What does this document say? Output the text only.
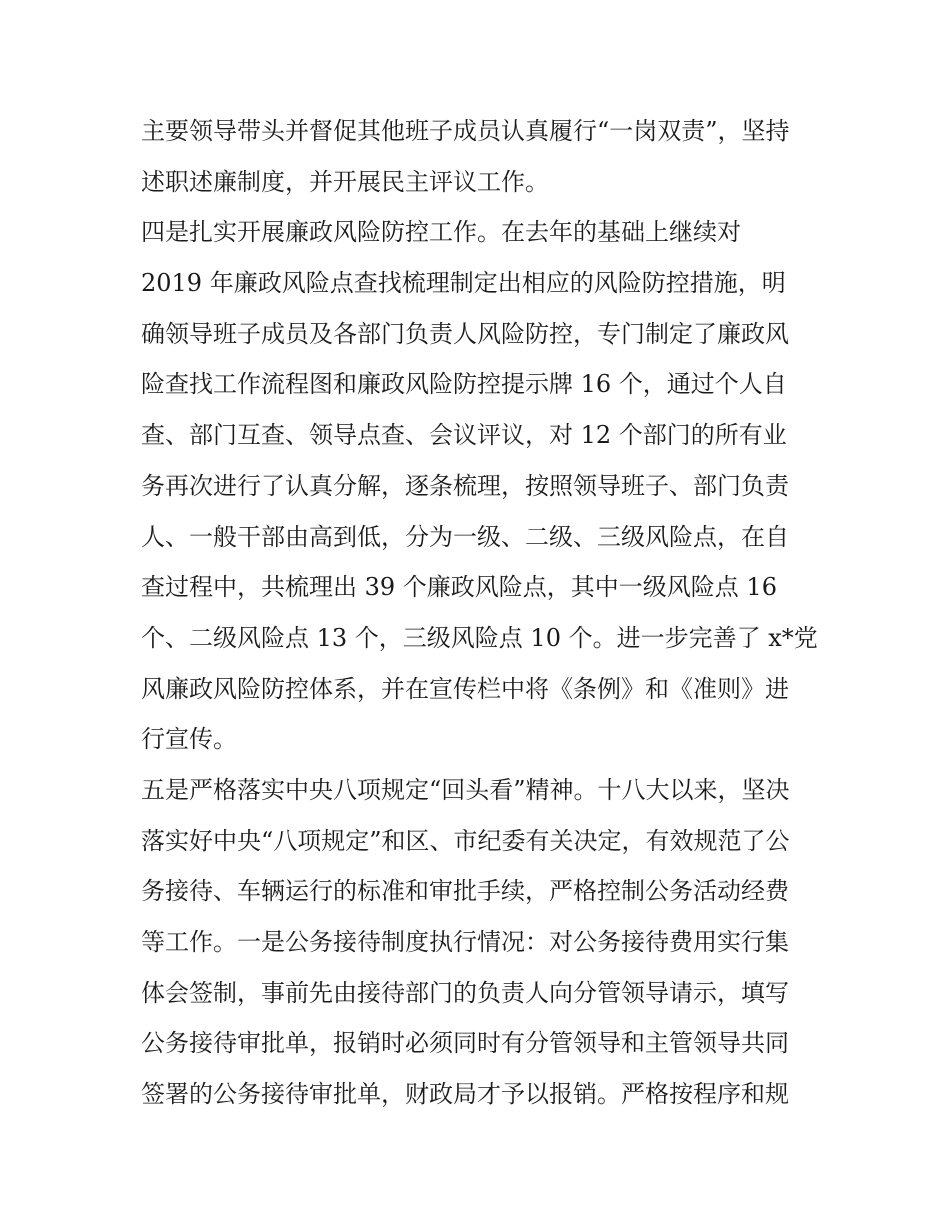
主要领导带头并督促其他班子成员认真履行“一岗双责”，坚持
述职述廉制度，并开展民主评议工作。
四是扎实开展廉政风险防控工作。在去年的基础上继续对
2019 年廉政风险点查找梳理制定出相应的风险防控措施，明
确领导班子成员及各部门负责人风险防控，专门制定了廉政风
险查找工作流程图和廉政风险防控提示牌 16 个，通过个人自
查、部门互查、领导点查、会议评议，对 12 个部门的所有业
务再次进行了认真分解，逐条梳理，按照领导班子、部门负责
人、一般干部由高到低，分为一级、二级、三级风险点，在自
查过程中，共梳理出 39 个廉政风险点，其中一级风险点 16
个、二级风险点 13 个，三级风险点 10 个。进一步完善了 x*党
风廉政风险防控体系，并在宣传栏中将《条例》和《准则》进
行宣传。
五是严格落实中央八项规定“回头看”精神。十八大以来，坚决
落实好中央“八项规定”和区、市纪委有关决定，有效规范了公
务接待、车辆运行的标准和审批手续，严格控制公务活动经费
等工作。一是公务接待制度执行情况：对公务接待费用实行集
体会签制，事前先由接待部门的负责人向分管领导请示，填写
公务接待审批单，报销时必须同时有分管领导和主管领导共同
签署的公务接待审批单，财政局才予以报销。严格按程序和规
